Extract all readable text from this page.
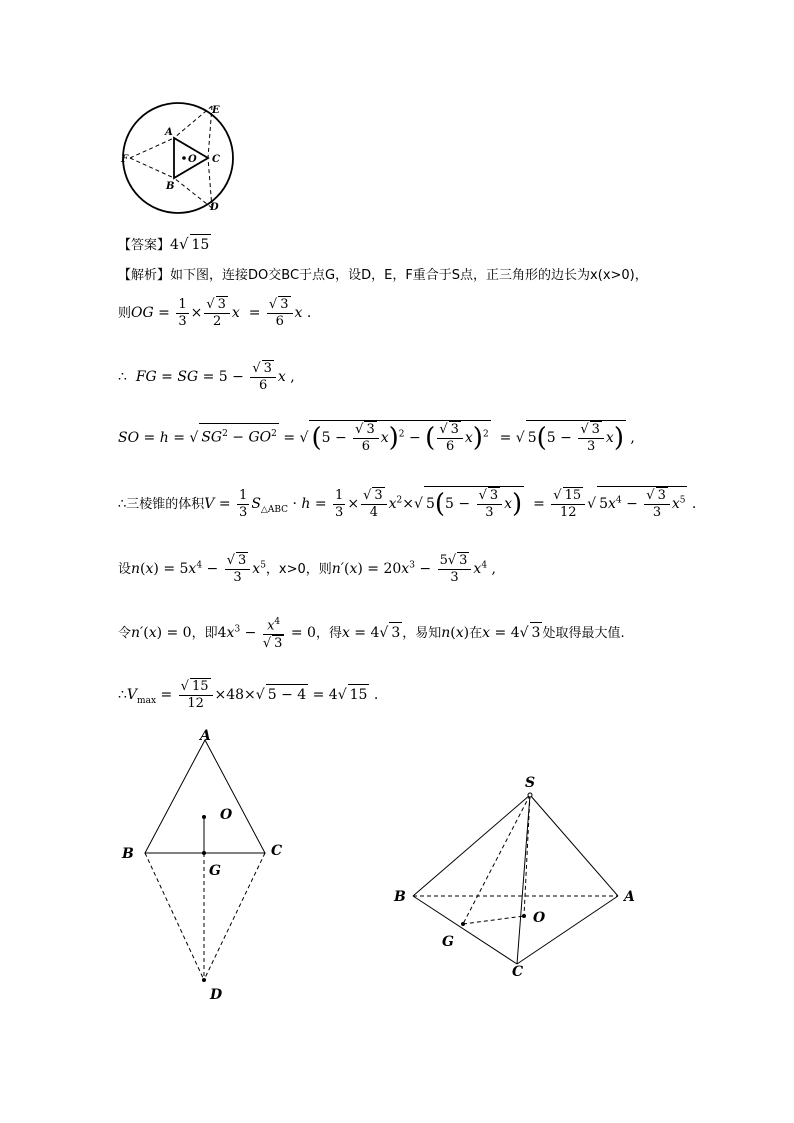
E
A
F	O C
B
D
【答案】4√ 15
【解析】如下图，连接DO交BC于点G，设D，E，F重合于S点，正三角形的边长为x(x>0)，
则OG = $\frac{1}{3} \times \frac{√ 3}{2}$ $x = \frac{√ 3}{6}$ x .
∴ FG = SG = $5 - \frac{√ 3}{6}$ x ,
SO = h = √ $SG^2 - GO^2$ = √ $(5 - \frac{√ 3}{6} x)^2$ − ( $\frac{√ 3}{6} x)^2$  = √ $5(5 - \frac{√ 3}{3} x)$ ,
∴三棱锥的体积$V = \frac{1}{3} S_{\triangle ABC} \cdot h = \frac{1}{3} \times \frac{√ 3}{4} x^2\times√$ $5(5 - \frac{√ 3}{3} x) = \frac{√ 15}{12}$ √ $5x^4 - \frac{√ 3}{3} x^5$ .
设$n(x) = 5x^4 - \frac{√ 3}{3} x^5$，x>0，则$n'(x) = 20x^3 - \frac{5√ 3}{3} x^4$ ,
令n′(x) = 0，即$4x^3 - \frac{x^4}{√ 3} = 0$，得x = 4√ 3 ，易知n(x)在x = 4√ 3 处取得最大值.
$\therefore V_{max} = \frac{√ 15}{12} \times 48\times√$ 5 − 4 = 4√ 15 .
A
O
B	C
G
D
S
B	A
O
G
C
